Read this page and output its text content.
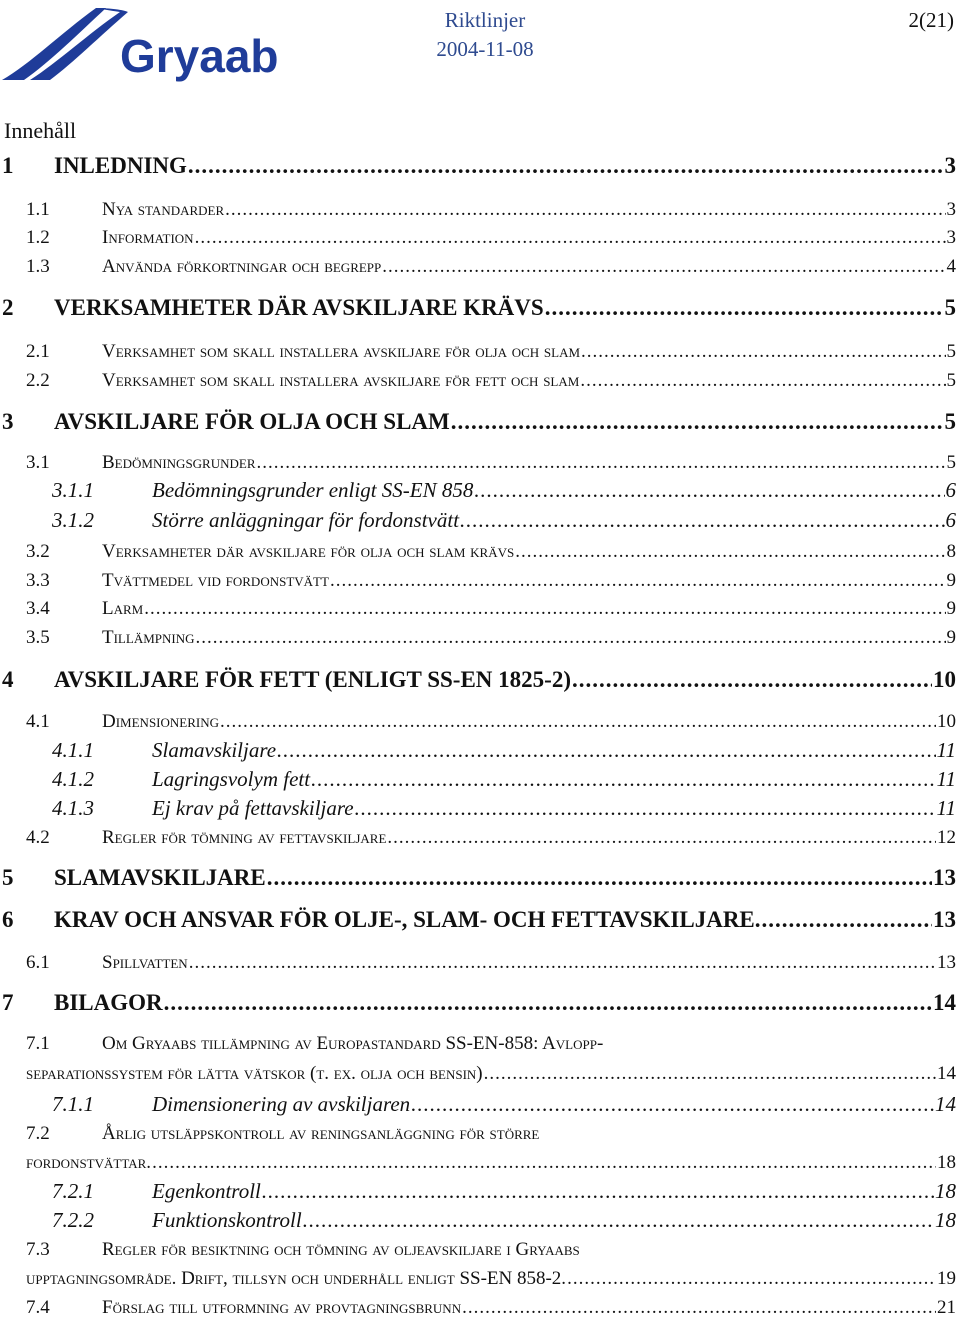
Gryaab
Riktlinjer
2004-11-08
2(21)
Innehåll
1	INLEDNING .....	3
1.1	Nya standarder .....	3
1.2	Information .....	3
1.3	Använda förkortningar och begrepp .....	4
2	VERKSAMHETER DÄR AVSKILJARE KRÄVS .....	5
2.1	Verksamhet som skall installera avskiljare för olja och slam .....	5
2.2	Verksamhet som skall installera avskiljare för fett och slam .....	5
3	AVSKILJARE FÖR OLJA OCH SLAM .....	5
3.1	Bedömningsgrunder .....	5
3.1.1	Bedömningsgrunder enligt SS-EN 858 .....	6
3.1.2	Större anläggningar för fordonstvätt .....	6
3.2	Verksamheter där avskiljare för olja och slam krävs .....	8
3.3	Tvättmedel vid fordonstvätt .....	9
3.4	Larm .....	9
3.5	Tillämpning .....	9
4	AVSKILJARE FÖR FETT (ENLIGT SS-EN 1825-2) .....	10
4.1	Dimensionering .....	10
4.1.1	Slamavskiljare .....	11
4.1.2	Lagringsvolym fett .....	11
4.1.3	Ej krav på fettavskiljare .....	11
4.2	Regler för tömning av fettavskiljare .....	12
5	SLAMAVSKILJARE .....	13
6	KRAV OCH ANSVAR FÖR OLJE-, SLAM- OCH FETTAVSKILJARE. .....	13
6.1	Spillvatten .....	13
7	BILAGOR .....	14
7.1	Om Gryaabs tillämpning av Europastandard SS-EN-858: Avlopp-
separationssystem för lätta vätskor (t. ex. olja och bensin) .....	14
7.1.1	Dimensionering av avskiljaren .....	14
7.2	Årlig utsläppskontroll av reningsanläggning för större
fordonstvättar. .....	18
7.2.1	Egenkontroll .....	18
7.2.2	Funktionskontroll .....	18
7.3	Regler för besiktning och tömning av oljeavskiljare i Gryaabs
upptagningsområde. Drift, tillsyn och underhåll enligt SS-EN 858-2. .....	19
7.4	Förslag till utformning av provtagningsbrunn .....	21
